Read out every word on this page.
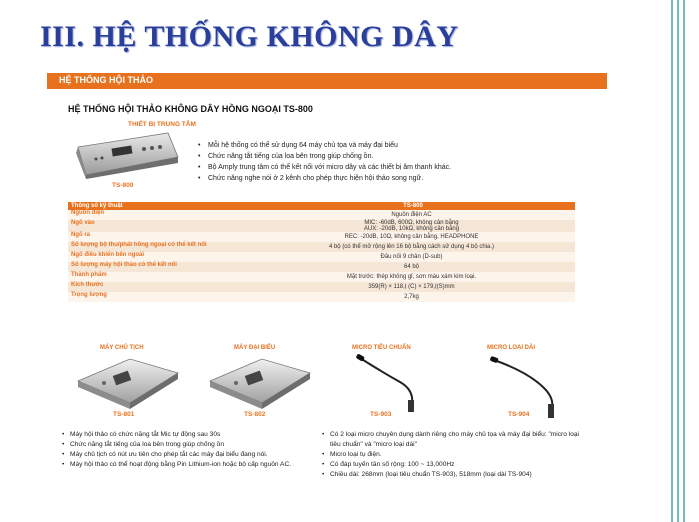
III. HỆ THỐNG KHÔNG DÂY
HỆ THỐNG HỘI THẢO
HỆ THỐNG HỘI THẢO KHÔNG DÂY HỒNG NGOẠI TS-800
THIẾT BỊ TRUNG TÂM
TS-800
• Mỗi hệ thống có thể sử dụng 64 máy chủ tọa và máy đại biểu
• Chức năng tắt tiếng của loa bên trong giúp chống ồn.
• Bộ Amply trung tâm có thể kết nối với micro dây và các thiết bị âm thanh khác.
• Chức năng nghe nói ở 2 kênh cho phép thực hiện hội thảo song ngữ.
Thông số kỹ thuật	TS-800
Nguồn điện	Nguồn điện AC
Ngõ vào	MIC: -60dB, 600Ω, không cân bằng
AUX: -20dB, 10kΩ, không cân bằng

Ngõ ra	REC: -20dB, 10Ω, không cân bằng, HEADPHONE
Số lượng bộ thu/phát hồng ngoại có thể kết nối	4 bộ (có thể mở rộng lên 16 bộ bằng cách sử dụng 4 bộ chia.)
Ngõ điều khiển bên ngoài	Đầu nối 9 chân (D-sub)
Số lượng máy hội thảo có thể kết nối	64 bộ
Thành phẩm	Mặt trước: thép không gỉ, sơn màu xám kim loại.
Kích thước	359(R) × 118,Ị (C) × 179,Ị(S)mm
Trọng lượng	2,7kg
MÁY CHỦ TỊCH	MÁY ĐẠI BIỂU	MICRO TIÊU CHUẨN	MICRO LOẠI DÀI
TS-801	TS-802	TS-903	TS-904
• Máy hội thảo có chức năng tắt Mic tự động sau 30s
• Chức năng tắt tiếng của loa bên trong giúp chống ồn
• Máy chủ tịch có nút ưu tiên cho phép tắt các máy đại biểu đang nói.
• Máy hội thảo có thể hoạt động bằng Pin Lithium-ion hoặc bộ cấp nguồn AC.
• Có 2 loại micro chuyên dụng dành riêng cho máy chủ tọa và máy đại biểu: "micro loại tiêu chuẩn" và "micro loại dài"
• Micro loại tụ điện.
• Có đáp tuyến tần số rộng: 100 ~ 13,000Hz
• Chiều dài: 268mm (loại tiêu chuẩn TS-903), 518mm (loại dài TS-904)
